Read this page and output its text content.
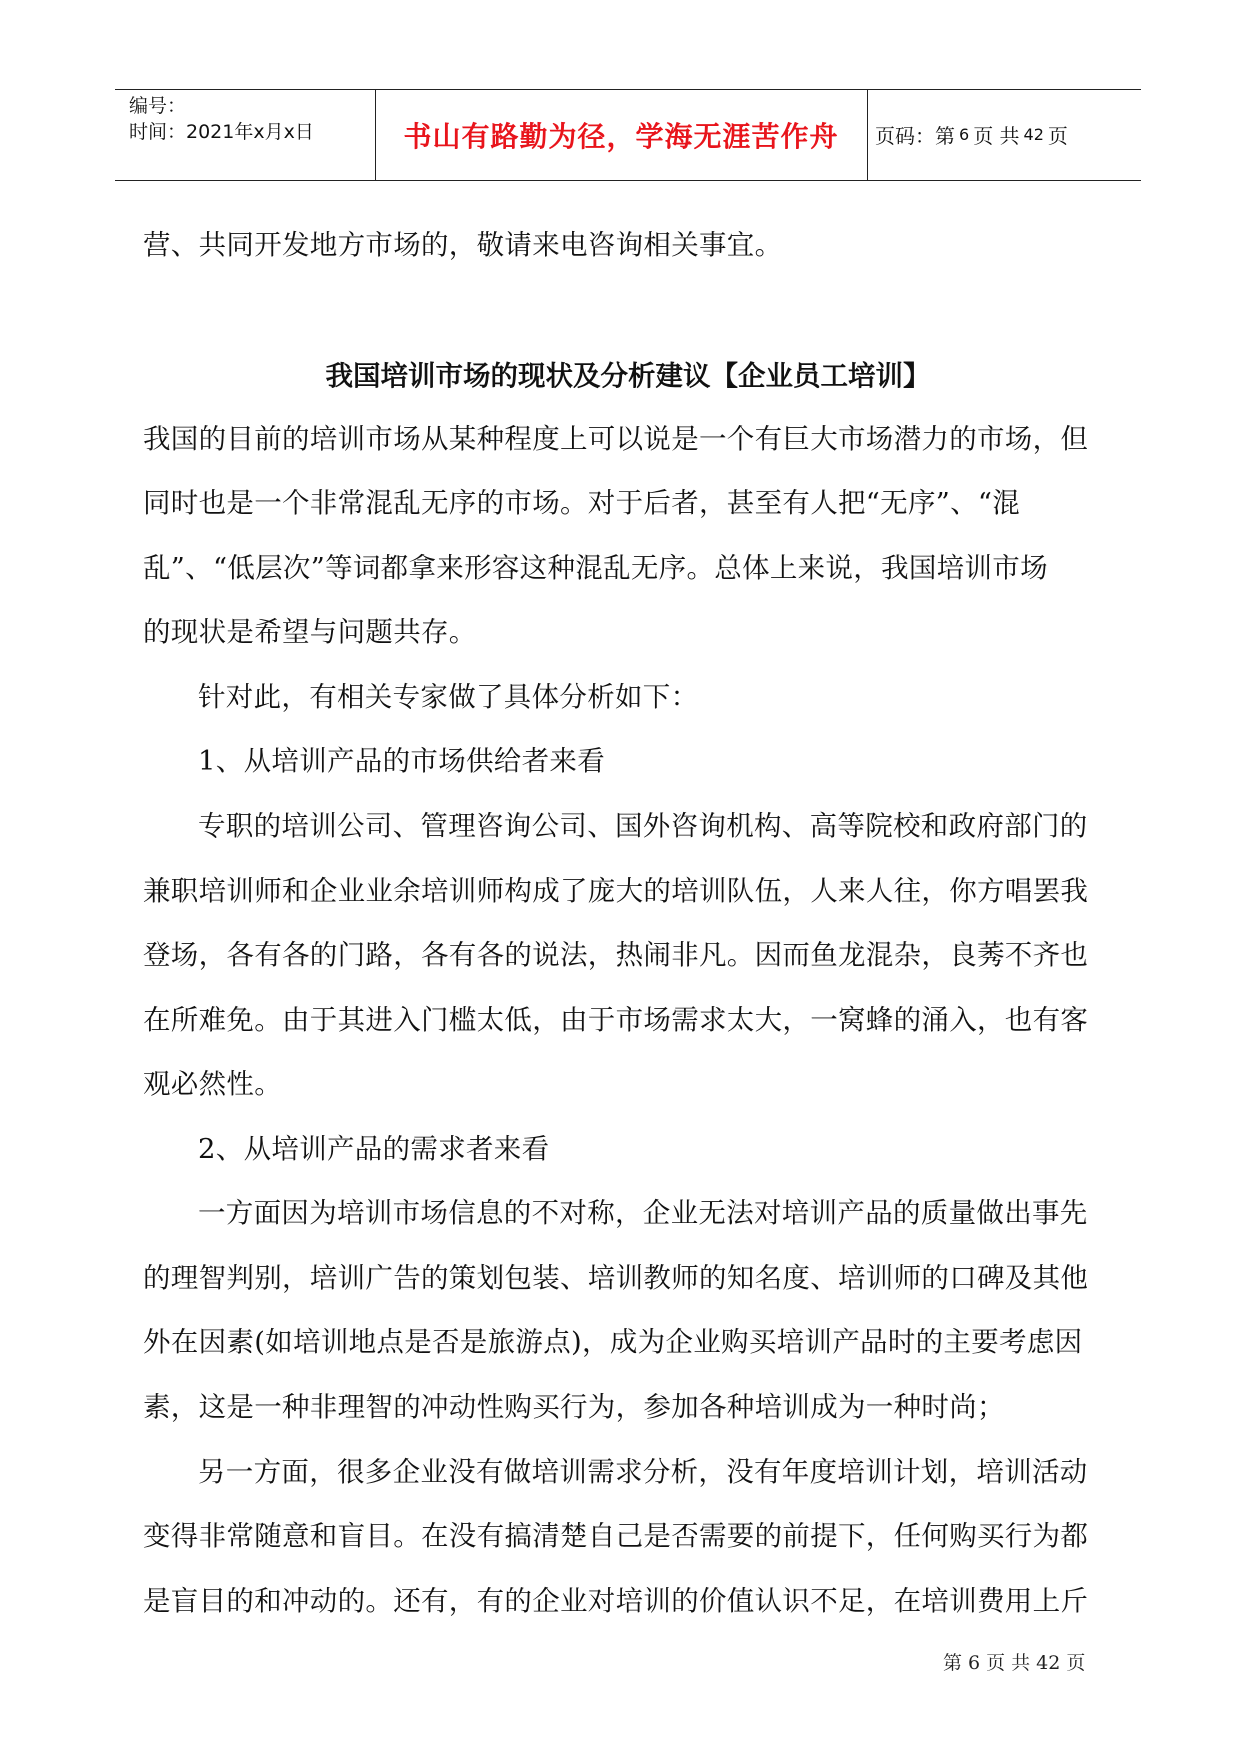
编号：
时间：2021年x月x日	书山有路勤为径，学海无涯苦作舟	页码：第 6 页 共 42 页
营、共同开发地方市场的，敬请来电咨询相关事宜。
我国培训市场的现状及分析建议【企业员工培训】
我国的目前的培训市场从某种程度上可以说是一个有巨大市场潜力的市场，但
同时也是一个非常混乱无序的市场。对于后者，甚至有人把“无序”、“混
乱”、“低层次”等词都拿来形容这种混乱无序。总体上来说，我国培训市场
的现状是希望与问题共存。
针对此，有相关专家做了具体分析如下：
1、从培训产品的市场供给者来看
专职的培训公司、管理咨询公司、国外咨询机构、高等院校和政府部门的
兼职培训师和企业业余培训师构成了庞大的培训队伍，人来人往，你方唱罢我
登场，各有各的门路，各有各的说法，热闹非凡。因而鱼龙混杂，良莠不齐也
在所难免。由于其进入门槛太低，由于市场需求太大，一窝蜂的涌入，也有客
观必然性。
2、从培训产品的需求者来看
一方面因为培训市场信息的不对称，企业无法对培训产品的质量做出事先
的理智判别，培训广告的策划包装、培训教师的知名度、培训师的口碑及其他
外在因素(如培训地点是否是旅游点)，成为企业购买培训产品时的主要考虑因
素，这是一种非理智的冲动性购买行为，参加各种培训成为一种时尚；
另一方面，很多企业没有做培训需求分析，没有年度培训计划，培训活动
变得非常随意和盲目。在没有搞清楚自己是否需要的前提下，任何购买行为都
是盲目的和冲动的。还有，有的企业对培训的价值认识不足，在培训费用上斤
第 6 页 共 42 页
